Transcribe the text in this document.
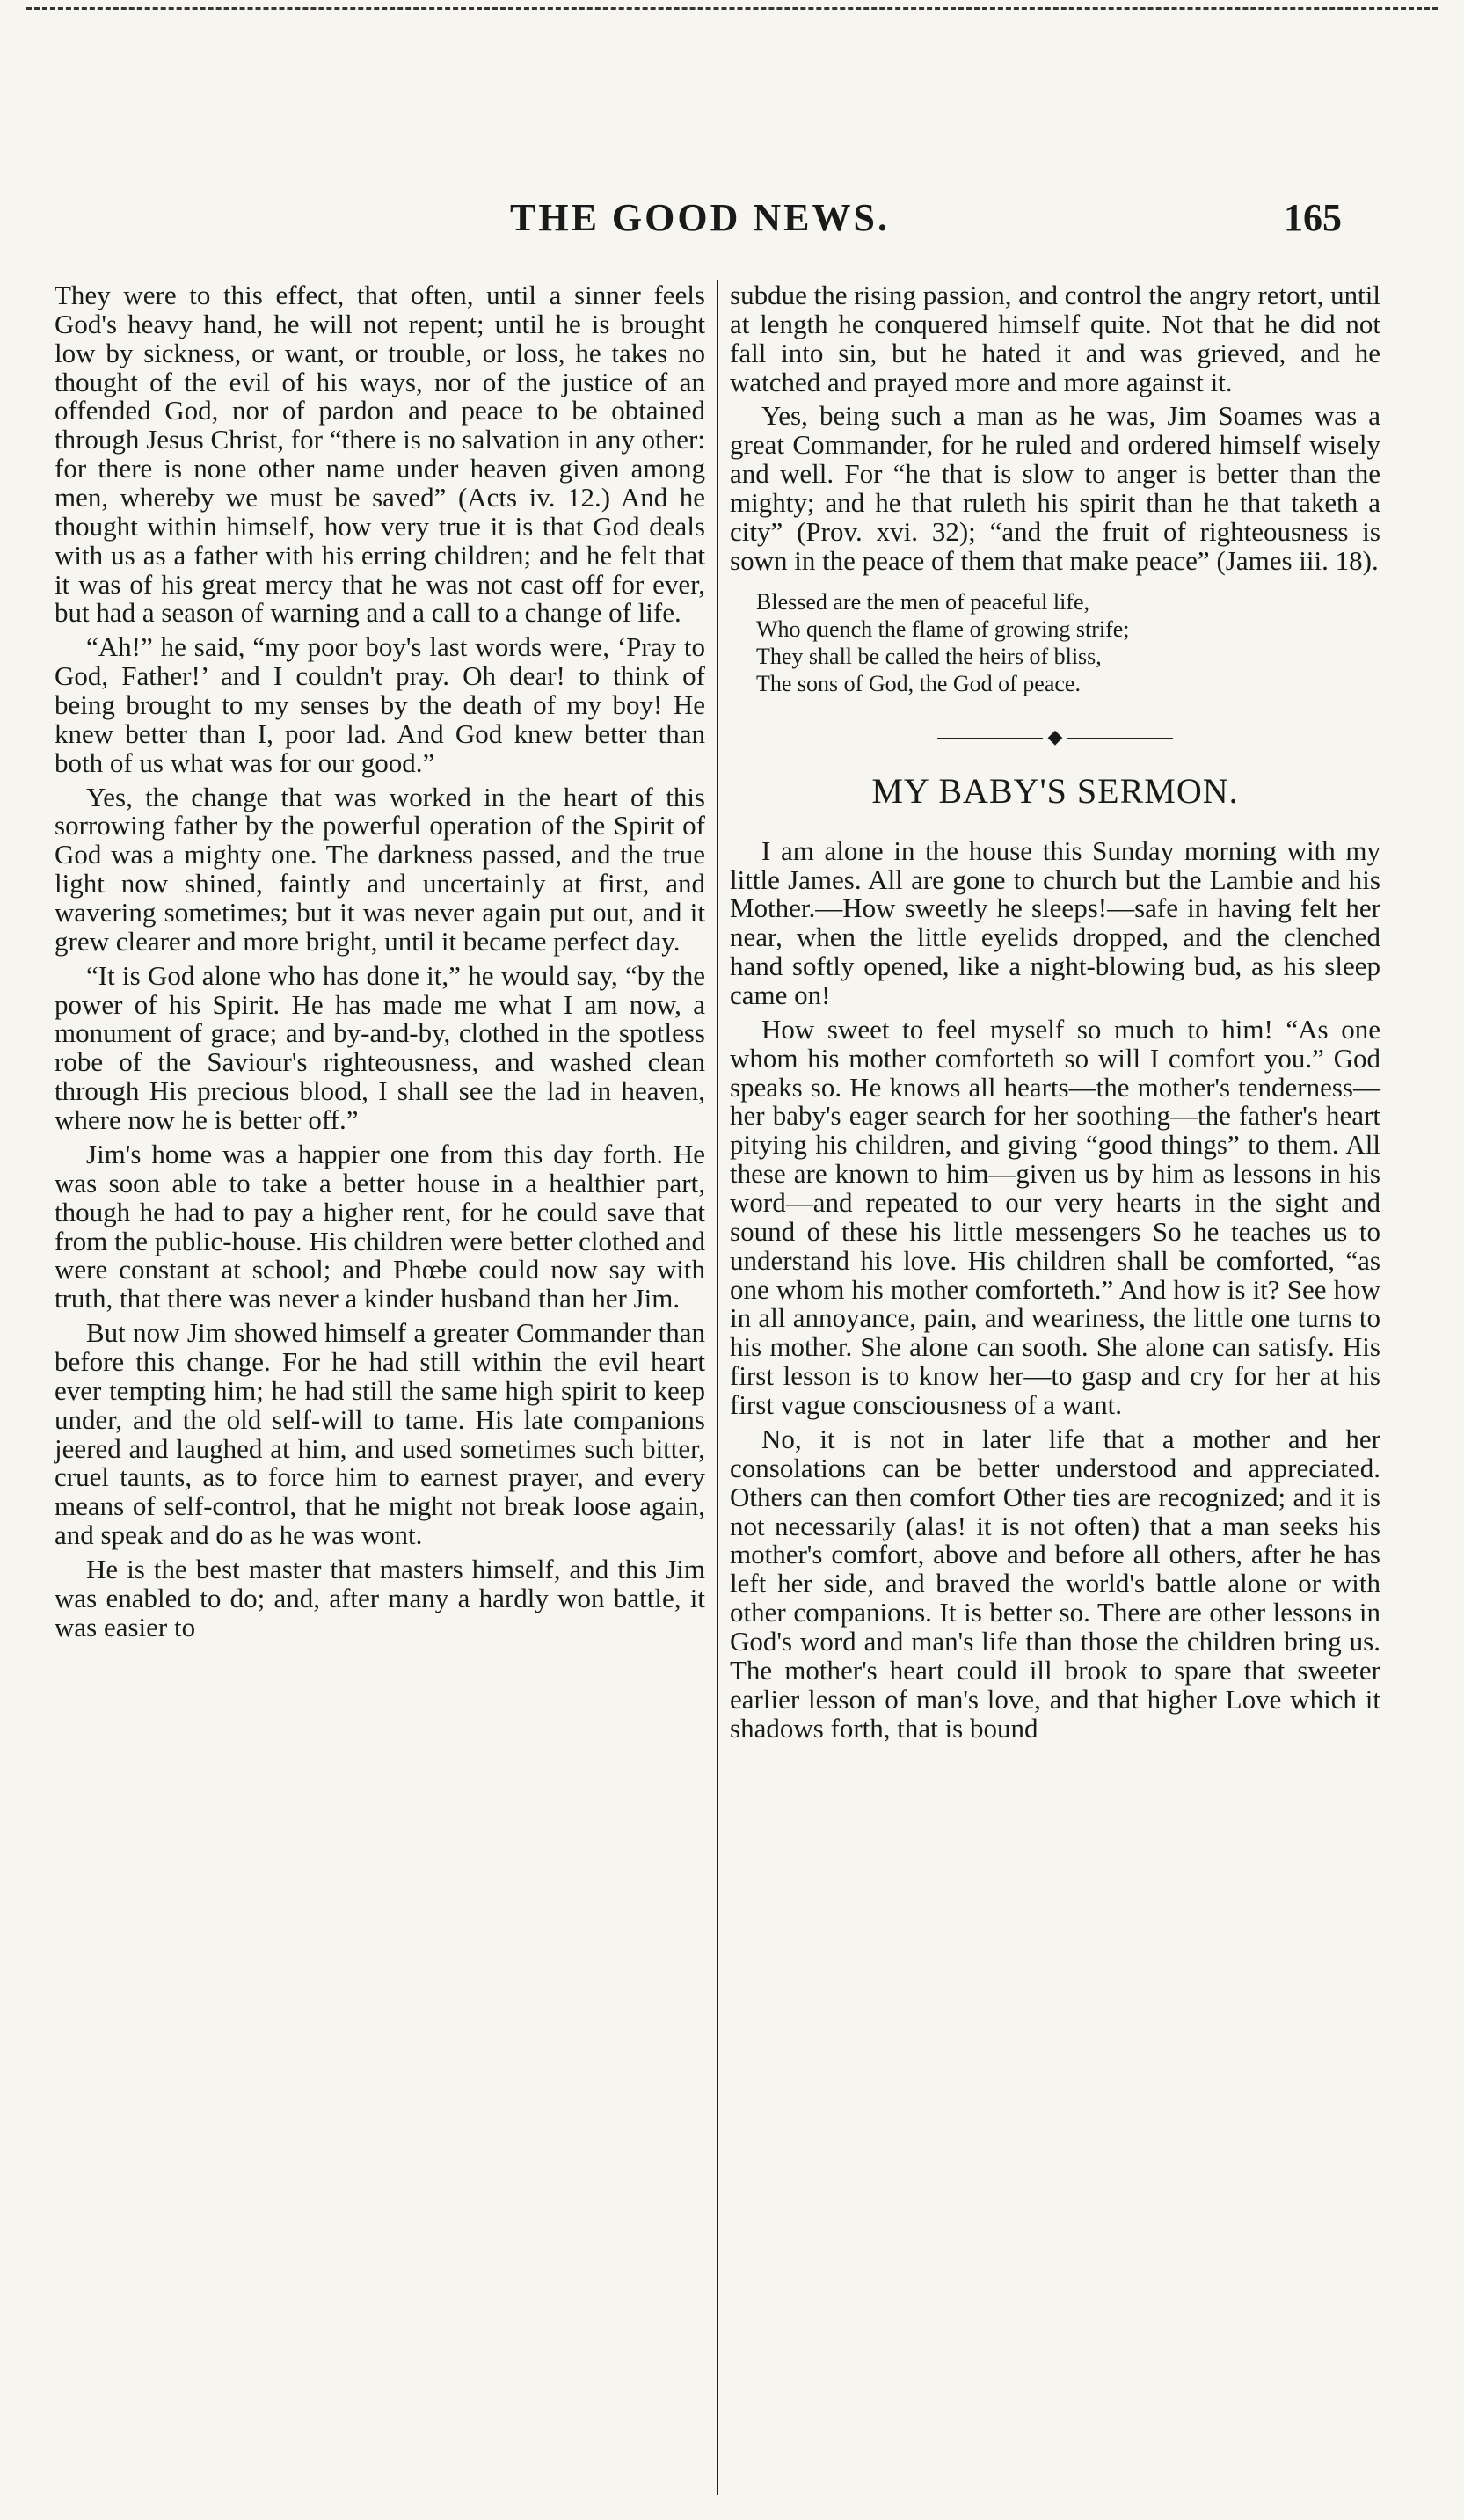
THE GOOD NEWS.	165

They were to this effect, that often, until a sinner feels God's heavy hand, he will not repent; until he is brought low by sickness, or want, or trouble, or loss, he takes no thought of the evil of his ways, nor of the justice of an offended God, nor of pardon and peace to be obtained through Jesus Christ, for “there is no salvation in any other: for there is none other name under heaven given among men, whereby we must be saved” (Acts iv. 12.) And he thought within himself, how very true it is that God deals with us as a father with his erring children; and he felt that it was of his great mercy that he was not cast off for ever, but had a season of warning and a call to a change of life.

“Ah!” he said, “my poor boy's last words were, ‘Pray to God, Father!’ and I couldn't pray. Oh dear! to think of being brought to my senses by the death of my boy! He knew better than I, poor lad. And God knew better than both of us what was for our good.”

Yes, the change that was worked in the heart of this sorrowing father by the powerful operation of the Spirit of God was a mighty one. The darkness passed, and the true light now shined, faintly and uncertainly at first, and wavering sometimes; but it was never again put out, and it grew clearer and more bright, until it became perfect day.

“It is God alone who has done it,” he would say, “by the power of his Spirit. He has made me what I am now, a monument of grace; and by-and-by, clothed in the spotless robe of the Saviour's righteousness, and washed clean through His precious blood, I shall see the lad in heaven, where now he is better off.”

Jim's home was a happier one from this day forth. He was soon able to take a better house in a healthier part, though he had to pay a higher rent, for he could save that from the public-house. His children were better clothed and were constant at school; and Phœbe could now say with truth, that there was never a kinder husband than her Jim.

But now Jim showed himself a greater Commander than before this change. For he had still within the evil heart ever tempting him; he had still the same high spirit to keep under, and the old self-will to tame. His late companions jeered and laughed at him, and used sometimes such bitter, cruel taunts, as to force him to earnest prayer, and every means of self-control, that he might not break loose again, and speak and do as he was wont.

He is the best master that masters himself, and this Jim was enabled to do; and, after many a hardly won battle, it was easier to

subdue the rising passion, and control the angry retort, until at length he conquered himself quite. Not that he did not fall into sin, but he hated it and was grieved, and he watched and prayed more and more against it.

Yes, being such a man as he was, Jim Soames was a great Commander, for he ruled and ordered himself wisely and well. For “he that is slow to anger is better than the mighty; and he that ruleth his spirit than he that taketh a city” (Prov. xvi. 32); “and the fruit of righteousness is sown in the peace of them that make peace” (James iii. 18).

Blessed are the men of peaceful life,
Who quench the flame of growing strife;
They shall be called the heirs of bliss,
The sons of God, the God of peace.
◆
MY BABY'S SERMON.

I am alone in the house this Sunday morning with my little James. All are gone to church but the Lambie and his Mother.—How sweetly he sleeps!—safe in having felt her near, when the little eyelids dropped, and the clenched hand softly opened, like a night-blowing bud, as his sleep came on!

How sweet to feel myself so much to him! “As one whom his mother comforteth so will I comfort you.” God speaks so. He knows all hearts—the mother's tenderness—her baby's eager search for her soothing—the father's heart pitying his children, and giving “good things” to them. All these are known to him—given us by him as lessons in his word—and repeated to our very hearts in the sight and sound of these his little messengers So he teaches us to understand his love. His children shall be comforted, “as one whom his mother comforteth.” And how is it? See how in all annoyance, pain, and weariness, the little one turns to his mother. She alone can sooth. She alone can satisfy. His first lesson is to know her—to gasp and cry for her at his first vague consciousness of a want.

No, it is not in later life that a mother and her consolations can be better understood and appreciated. Others can then comfort Other ties are recognized; and it is not necessarily (alas! it is not often) that a man seeks his mother's comfort, above and before all others, after he has left her side, and braved the world's battle alone or with other companions. It is better so. There are other lessons in God's word and man's life than those the children bring us. The mother's heart could ill brook to spare that sweeter earlier lesson of man's love, and that higher Love which it shadows forth, that is bound
